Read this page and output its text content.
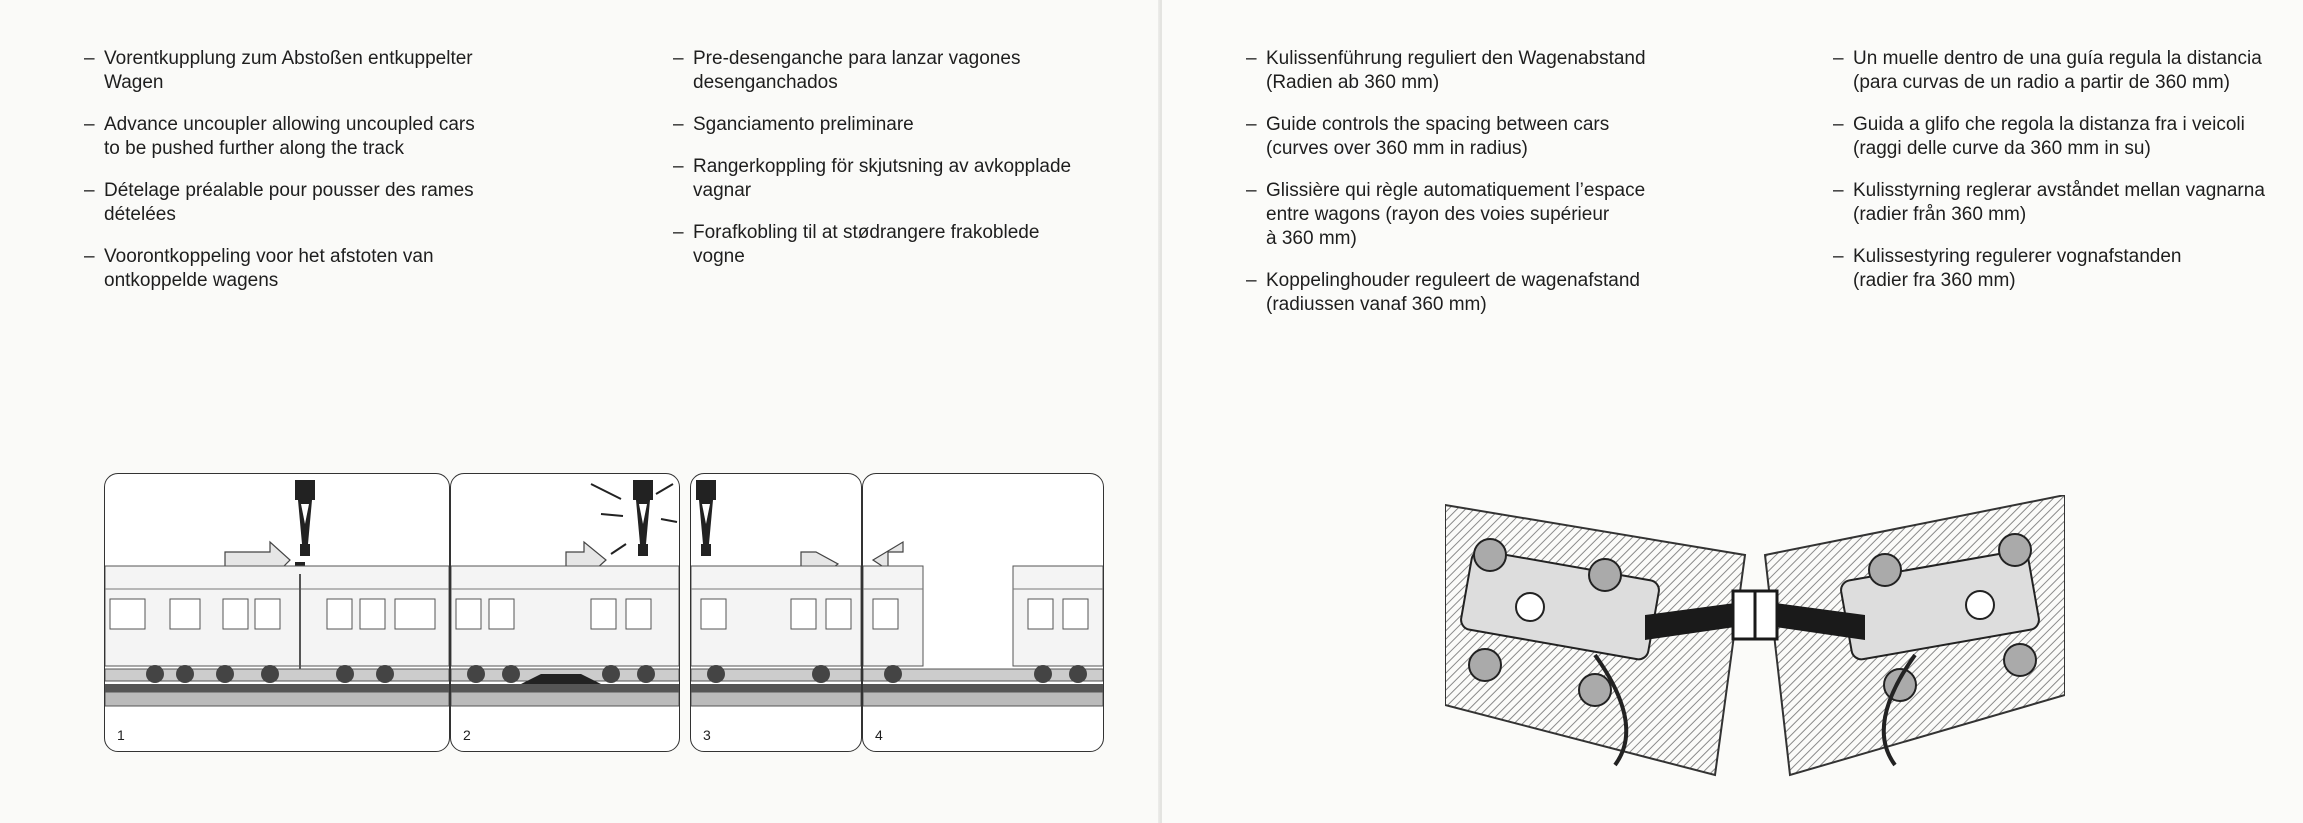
– Vorentkupplung zum Abstoßen entkuppelter
Wagen
– Advance uncoupler allowing uncoupled cars
to be pushed further along the track
– Dételage préalable pour pousser des rames
dételées
– Voorontkoppeling voor het afstoten van
ontkoppelde wagens
– Pre-desenganche para lanzar vagones
desenganchados
– Sganciamento preliminare
– Rangerkoppling för skjutsning av avkopplade
vagnar
– Forafkobling til at stødrangere frakoblede
vogne
– Kulissenführung reguliert den Wagenabstand
(Radien ab 360 mm)
– Guide controls the spacing between cars
(curves over 360 mm in radius)
– Glissière qui règle automatiquement l’espace
entre wagons (rayon des voies supérieur
à 360 mm)
– Koppelinghouder reguleert de wagenafstand
(radiussen vanaf 360 mm)
– Un muelle dentro de una guía regula la distancia
(para curvas de un radio a partir de 360 mm)
– Guida a glifo che regola la distanza fra i veicoli
(raggi delle curve da 360 mm in su)
– Kulisstyrning reglerar avståndet mellan vagnarna
(radier från 360 mm)
– Kulissestyring regulerer vognafstanden
(radier fra 360 mm)
1	2	3	4
